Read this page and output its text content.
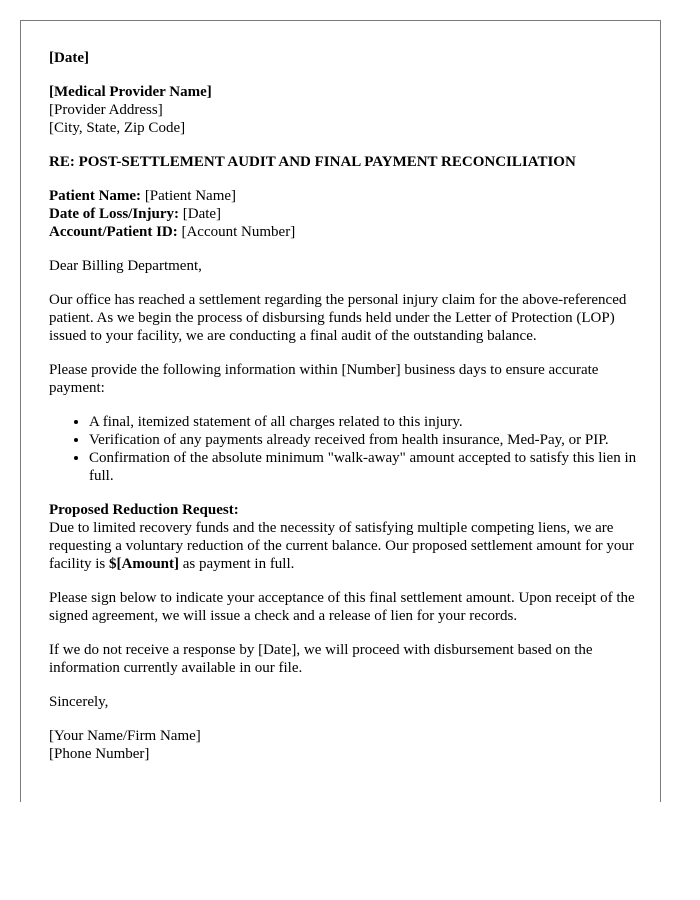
[Date]

[Medical Provider Name]
[Provider Address]
[City, State, Zip Code]

RE: POST-SETTLEMENT AUDIT AND FINAL PAYMENT RECONCILIATION

Patient Name: [Patient Name]
Date of Loss/Injury: [Date]
Account/Patient ID: [Account Number]

Dear Billing Department,

Our office has reached a settlement regarding the personal injury claim for the above-referenced patient. As we begin the process of disbursing funds held under the Letter of Protection (LOP) issued to your facility, we are conducting a final audit of the outstanding balance.

Please provide the following information within [Number] business days to ensure accurate payment:

• A final, itemized statement of all charges related to this injury.
• Verification of any payments already received from health insurance, Med-Pay, or PIP.
• Confirmation of the absolute minimum "walk-away" amount accepted to satisfy this lien in full.
Proposed Reduction Request:
Due to limited recovery funds and the necessity of satisfying multiple competing liens, we are requesting a voluntary reduction of the current balance. Our proposed settlement amount for your facility is $[Amount] as payment in full.

Please sign below to indicate your acceptance of this final settlement amount. Upon receipt of the signed agreement, we will issue a check and a release of lien for your records.

If we do not receive a response by [Date], we will proceed with disbursement based on the information currently available in our file.

Sincerely,

[Your Name/Firm Name]
[Phone Number]
